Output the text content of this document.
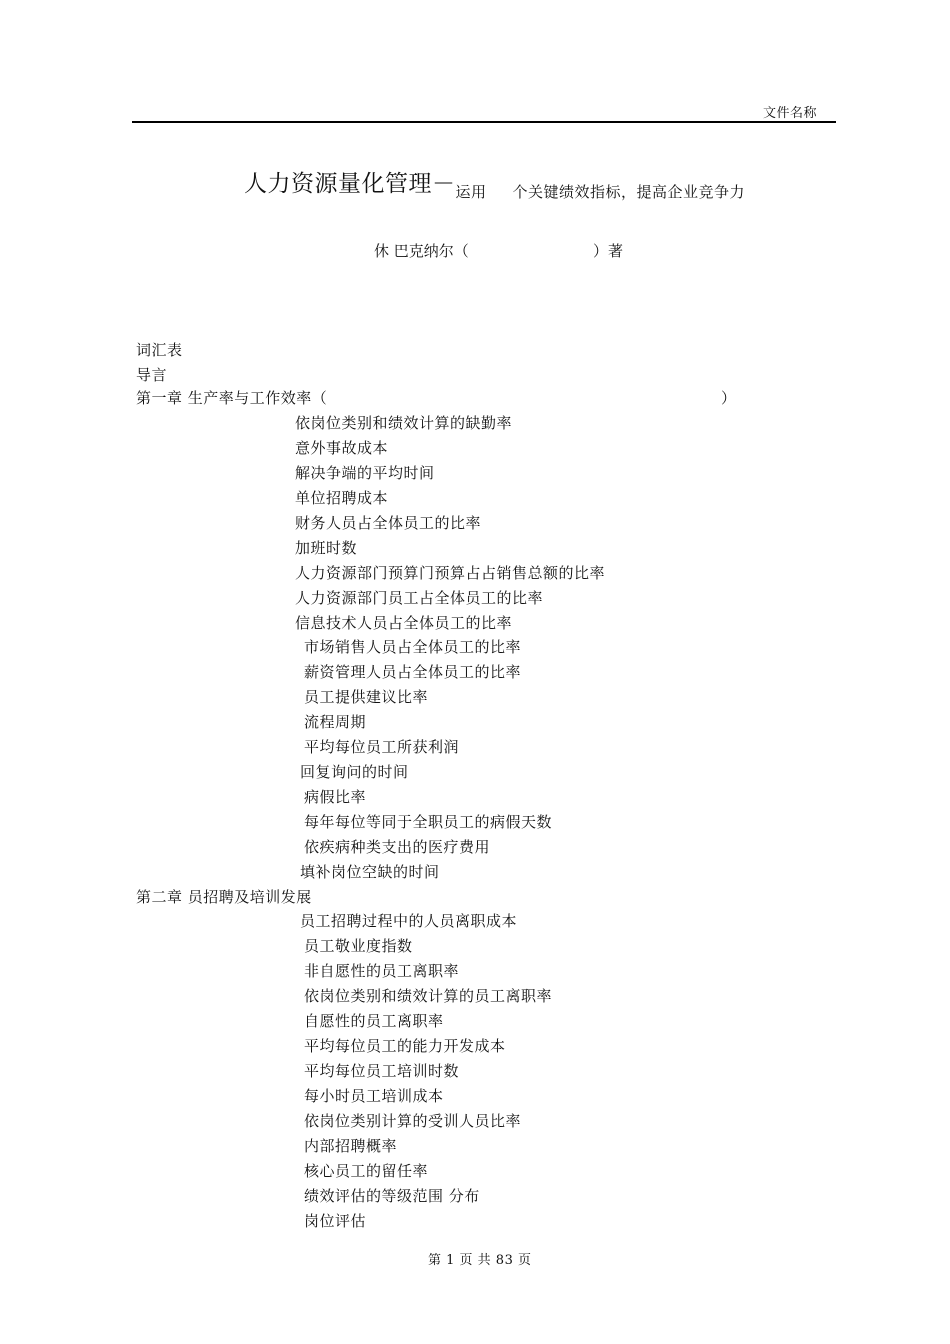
文件名称
人力资源量化管理－运用 个关键绩效指标，提高企业竞争力
休 巴克纳尔（	）著
词汇表
导言
第一章 生产率与工作效率（	）
依岗位类别和绩效计算的缺勤率
意外事故成本
解决争端的平均时间
单位招聘成本
财务人员占全体员工的比率
加班时数
人力资源部门预算门预算占占销售总额的比率
人力资源部门员工占全体员工的比率
信息技术人员占全体员工的比率
市场销售人员占全体员工的比率
薪资管理人员占全体员工的比率
员工提供建议比率
流程周期
平均每位员工所获利润
回复询问的时间
病假比率
每年每位等同于全职员工的病假天数
依疾病种类支出的医疗费用
填补岗位空缺的时间
第二章 员招聘及培训发展
员工招聘过程中的人员离职成本
员工敬业度指数
非自愿性的员工离职率
依岗位类别和绩效计算的员工离职率
自愿性的员工离职率
平均每位员工的能力开发成本
平均每位员工培训时数
每小时员工培训成本
依岗位类别计算的受训人员比率
内部招聘概率
核心员工的留任率
绩效评估的等级范围 分布
岗位评估
第 1 页 共 83 页
